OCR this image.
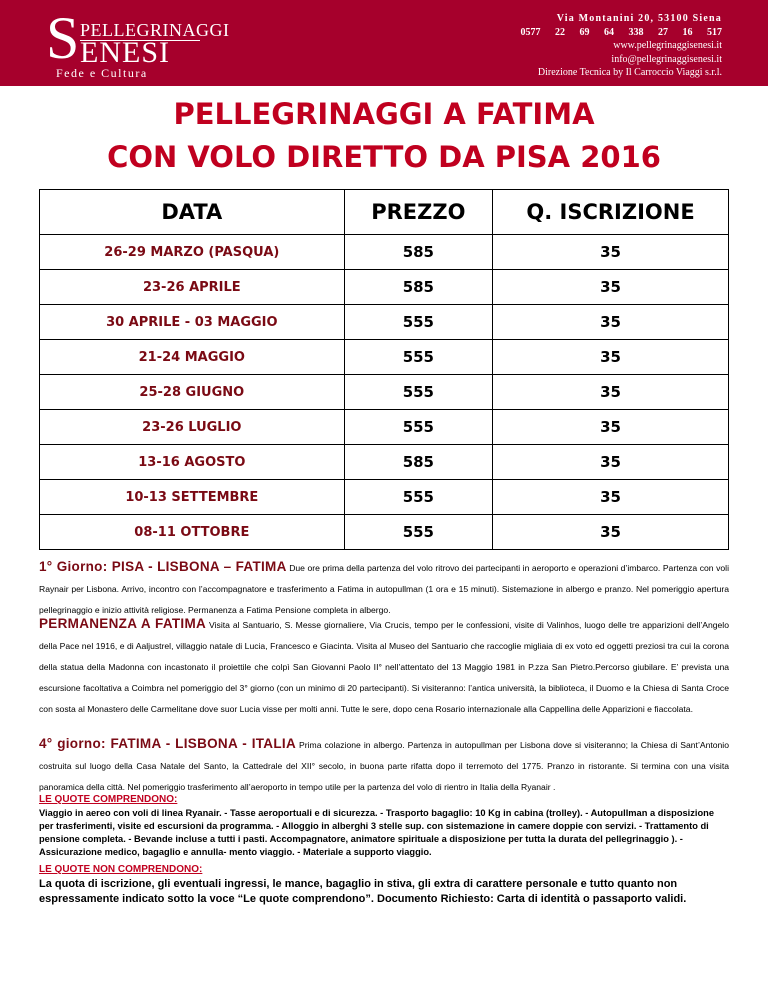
S PELLEGRINAGGI
ENESI
Fede e Cultura
Via Montanini 20, 53100 Siena
0577 22 69 64 338 27 16 517
www.pellegrinaggisenesi.it
info@pellegrinaggisenesi.it
Direzione Tecnica by Il Carroccio Viaggi s.r.l.
PELLEGRINAGGI A FATIMA
CON VOLO DIRETTO DA PISA 2016
DATA	PREZZO	Q. ISCRIZIONE
26-29 MARZO (PASQUA)	585	35
23-26 APRILE	585	35
30 APRILE - 03 MAGGIO	555	35
21-24 MAGGIO	555	35
25-28 GIUGNO	555	35
23-26 LUGLIO	555	35
13-16 AGOSTO	585	35
10-13 SETTEMBRE	555	35
08-11 OTTOBRE	555	35
1° Giorno: PISA - LISBONA – FATIMA Due ore prima della partenza del volo ritrovo dei partecipanti in aeroporto e operazioni d’imbarco. Partenza con voli Raynair per Lisbona. Arrivo, incontro con l’accompagnatore e trasferimento a Fatima in autopullman (1 ora e 15 minuti). Sistemazione in albergo e pranzo. Nel pomeriggio apertura pellegrinaggio e inizio attività religiose. Permanenza a Fatima Pensione completa in albergo.
PERMANENZA A FATIMA Visita al Santuario, S. Messe giornaliere, Via Crucis, tempo per le confessioni, visite di Valinhos, luogo delle tre apparizioni dell’Angelo della Pace nel 1916, e di Aaljustrel, villaggio natale di Lucia, Francesco e Giacinta. Visita al Museo del Santuario che raccoglie migliaia di ex voto ed oggetti preziosi tra cui la corona della statua della Madonna con incastonato il proiettile che colpì San Giovanni Paolo II° nell’attentato del 13 Maggio 1981 in P.zza San Pietro.Percorso giubilare. E’ prevista una escursione facoltativa a Coimbra nel pomeriggio del 3° giorno (con un minimo di 20 partecipanti). Si visiteranno: l’antica università, la biblioteca, il Duomo e la Chiesa di Santa Croce con sosta al Monastero delle Carmelitane dove suor Lucia visse per molti anni. Tutte le sere, dopo cena Rosario internazionale alla Cappellina delle Apparizioni e fiaccolata.
4° giorno: FATIMA - LISBONA - ITALIA Prima colazione in albergo. Partenza in autopullman per Lisbona dove si visiteranno; la Chiesa di Sant’Antonio costruita sul luogo della Casa Natale del Santo, la Cattedrale del XII° secolo, in buona parte rifatta dopo il terremoto del 1775. Pranzo in ristorante. Si termina con una visita panoramica della città. Nel pomeriggio trasferimento all’aeroporto in tempo utile per la partenza del volo di rientro in Italia della Ryanair .
LE QUOTE COMPRENDONO:
Viaggio in aereo con voli di linea Ryanair. - Tasse aeroportuali e di sicurezza. - Trasporto bagaglio: 10 Kg in cabina (trolley). - Autopullman a disposizione per trasferimenti, visite ed escursioni da programma. - Alloggio in alberghi 3 stelle sup. con sistemazione in camere doppie con servizi. - Trattamento di pensione completa. - Bevande incluse a tutti i pasti. Accompagnatore, animatore spirituale a disposizione per tutta la durata del pellegrinaggio ). - Assicurazione medico, bagaglio e annulla- mento viaggio. - Materiale a supporto viaggio.
LE QUOTE NON COMPRENDONO:
La quota di iscrizione, gli eventuali ingressi, le mance, bagaglio in stiva, gli extra di carattere personale e tutto quanto non espressamente indicato sotto la voce “Le quote comprendono”. Documento Richiesto: Carta di identità o passaporto validi.
